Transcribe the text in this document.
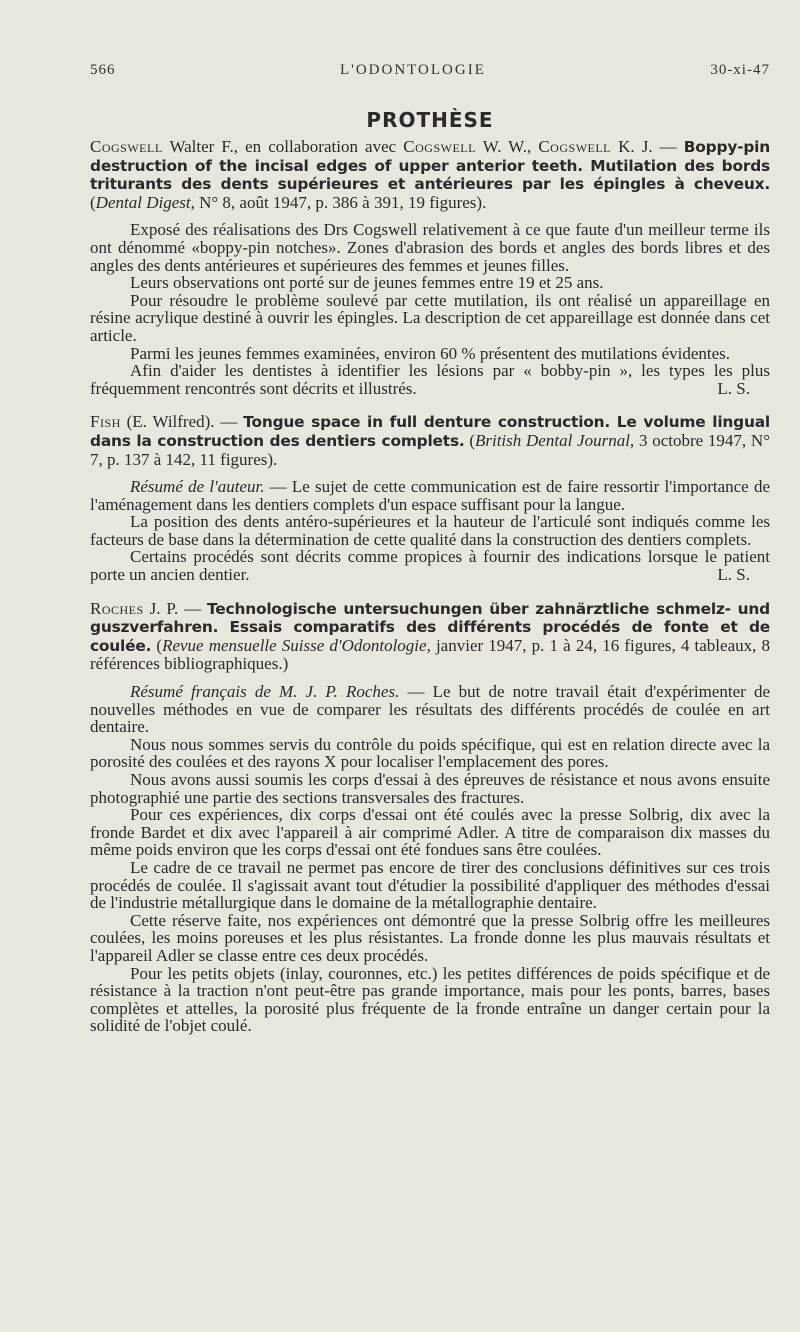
566	L'ODONTOLOGIE	30-xi-47
PROTHÈSE

Cogswell Walter F., en collaboration avec Cogswell W. W., Cogswell K. J. — Boppy-pin destruction of the incisal edges of upper anterior teeth. Mutilation des bords triturants des dents supérieures et antérieures par les épingles à cheveux. (Dental Digest, N° 8, août 1947, p. 386 à 391, 19 figures).

Exposé des réalisations des Drs Cogswell relativement à ce que faute d'un meilleur terme ils ont dénommé «boppy-pin notches». Zones d'abrasion des bords et angles des bords libres et des angles des dents antérieures et supérieures des femmes et jeunes filles.

Leurs observations ont porté sur de jeunes femmes entre 19 et 25 ans.

Pour résoudre le problème soulevé par cette mutilation, ils ont réalisé un appareillage en résine acrylique destiné à ouvrir les épingles. La description de cet appareillage est donnée dans cet article.

Parmi les jeunes femmes examinées, environ 60 % présentent des mutilations évidentes.

Afin d'aider les dentistes à identifier les lésions par « bobby-pin », les types les plus fréquemment rencontrés sont décrits et illustrés.	L. S.

Fish (E. Wilfred). — Tongue space in full denture construction. Le volume lingual dans la construction des dentiers complets. (British Dental Journal, 3 octobre 1947, N° 7, p. 137 à 142, 11 figures).

Résumé de l'auteur. — Le sujet de cette communication est de faire ressortir l'importance de l'aménagement dans les dentiers complets d'un espace suffisant pour la langue.

La position des dents antéro-supérieures et la hauteur de l'articulé sont indiqués comme les facteurs de base dans la détermination de cette qualité dans la construction des dentiers complets.

Certains procédés sont décrits comme propices à fournir des indications lorsque le patient porte un ancien dentier.	L. S.

Roches J. P. — Technologische untersuchungen über zahnärztliche schmelz- und guszverfahren. Essais comparatifs des différents procédés de fonte et de coulée. (Revue mensuelle Suisse d'Odontologie, janvier 1947, p. 1 à 24, 16 figures, 4 tableaux, 8 références bibliographiques.)

Résumé français de M. J. P. Roches. — Le but de notre travail était d'expérimenter de nouvelles méthodes en vue de comparer les résultats des différents procédés de coulée en art dentaire.

Nous nous sommes servis du contrôle du poids spécifique, qui est en relation directe avec la porosité des coulées et des rayons X pour localiser l'emplacement des pores.

Nous avons aussi soumis les corps d'essai à des épreuves de résistance et nous avons ensuite photographié une partie des sections transversales des fractures.

Pour ces expériences, dix corps d'essai ont été coulés avec la presse Solbrig, dix avec la fronde Bardet et dix avec l'appareil à air comprimé Adler. A titre de comparaison dix masses du même poids environ que les corps d'essai ont été fondues sans être coulées.

Le cadre de ce travail ne permet pas encore de tirer des conclusions définitives sur ces trois procédés de coulée. Il s'agissait avant tout d'étudier la possibilité d'appliquer des méthodes d'essai de l'industrie métallurgique dans le domaine de la métallographie dentaire.

Cette réserve faite, nos expériences ont démontré que la presse Solbrig offre les meilleures coulées, les moins poreuses et les plus résistantes. La fronde donne les plus mauvais résultats et l'appareil Adler se classe entre ces deux procédés.

Pour les petits objets (inlay, couronnes, etc.) les petites différences de poids spécifique et de résistance à la traction n'ont peut-être pas grande importance, mais pour les ponts, barres, bases complètes et attelles, la porosité plus fréquente de la fronde entraîne un danger certain pour la solidité de l'objet coulé.
